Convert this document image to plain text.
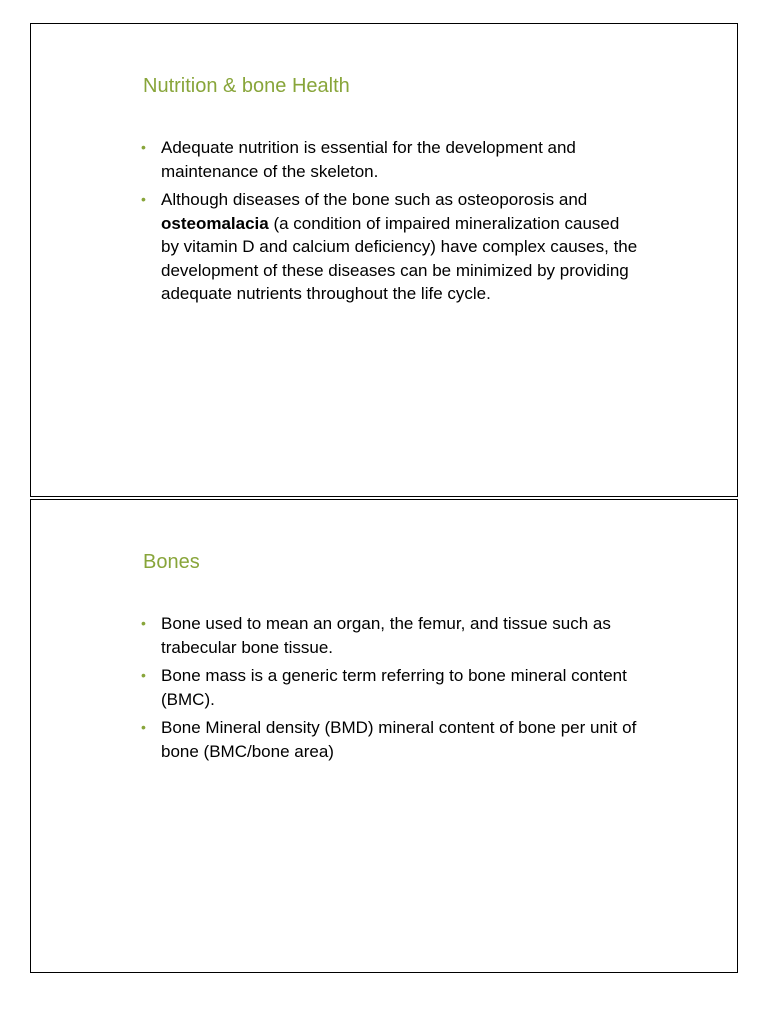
Nutrition & bone Health
• Adequate nutrition is essential for the development and maintenance of the skeleton.
• Although diseases of the bone such as osteoporosis and osteomalacia (a condition of impaired mineralization caused by vitamin D and calcium deficiency) have complex causes, the development of these diseases can be minimized by providing adequate nutrients throughout the life cycle.
Bones
• Bone used to mean an organ, the femur, and tissue such as trabecular bone tissue.
• Bone mass is a generic term referring to bone mineral content (BMC).
• Bone Mineral density (BMD) mineral content of bone per unit of bone (BMC/bone area)
